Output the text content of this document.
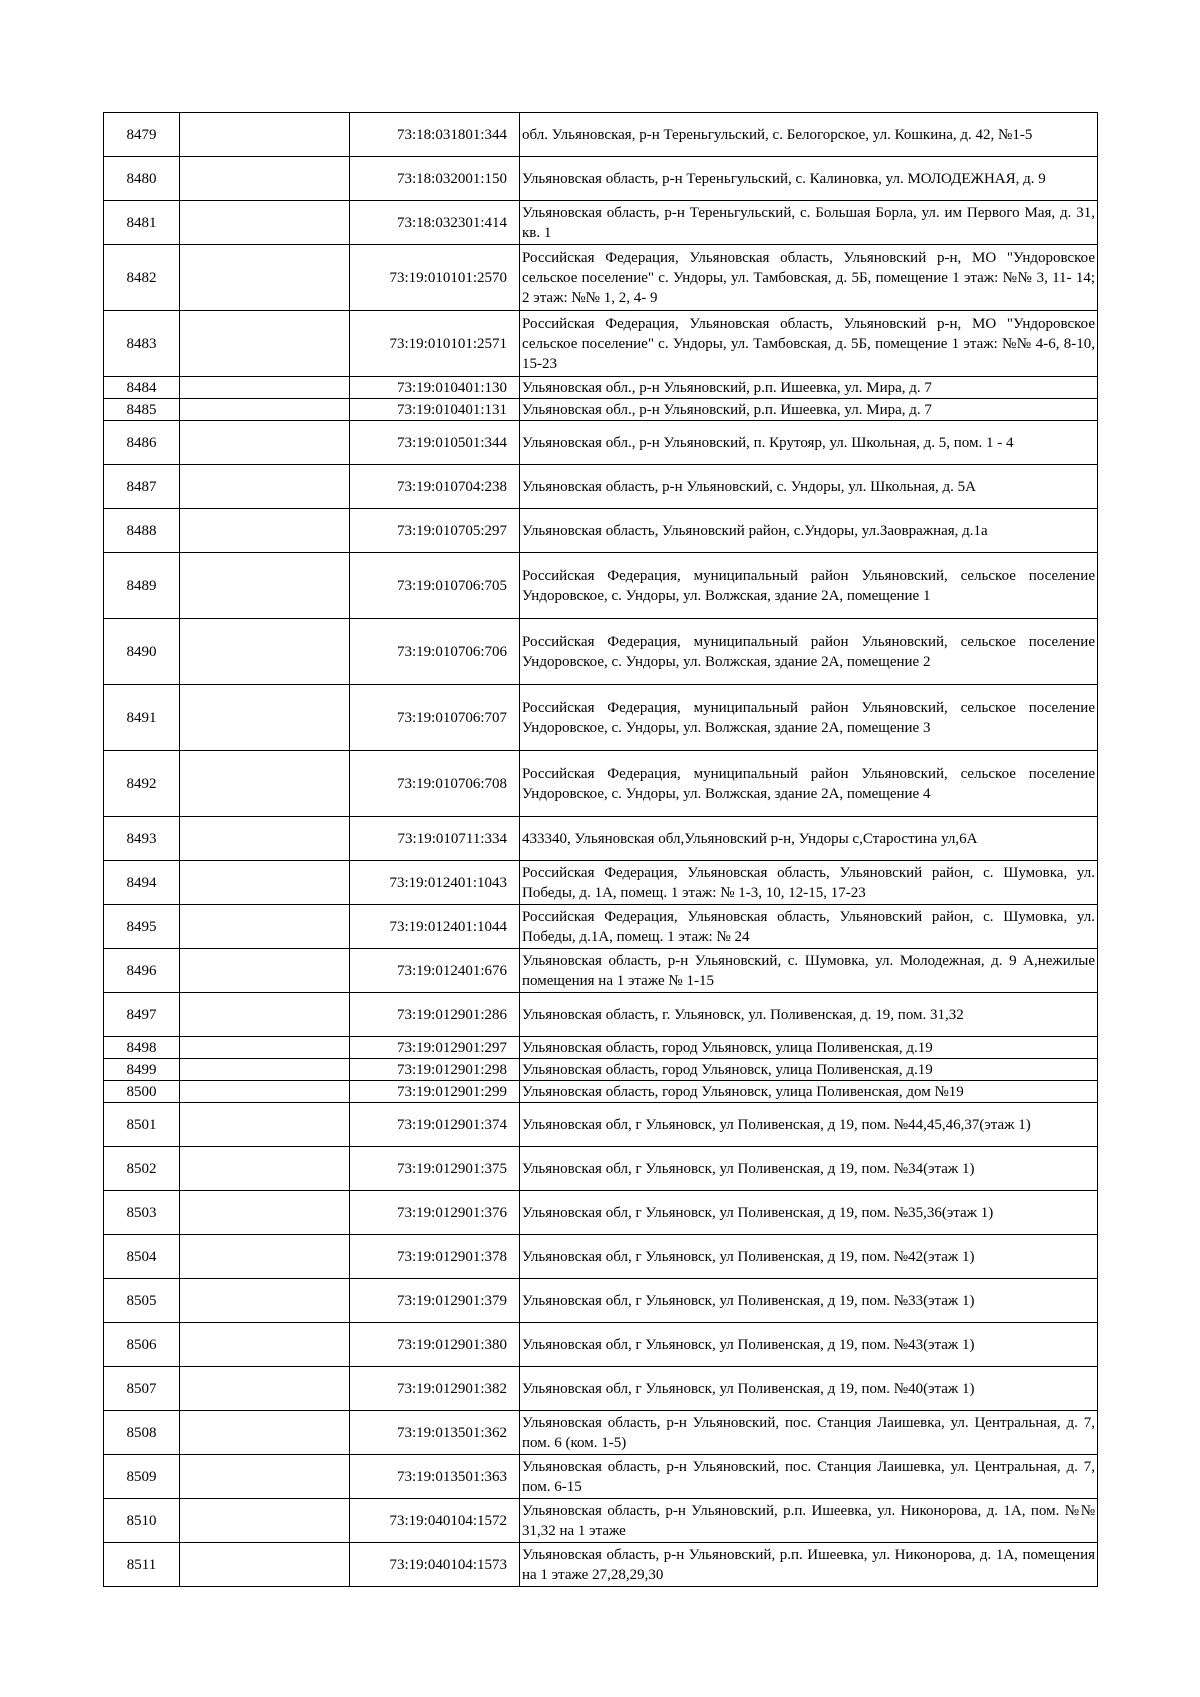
8479		73:18:031801:344	обл. Ульяновская, р-н Тереньгульский, с. Белогорское, ул. Кошкина, д. 42, №1-5
8480		73:18:032001:150	Ульяновская область, р-н Тереньгульский, с. Калиновка, ул. МОЛОДЕЖНАЯ, д. 9
8481		73:18:032301:414	Ульяновская область, р-н Тереньгульский, с. Большая Борла, ул. им Первого Мая, д. 31, кв. 1
8482		73:19:010101:2570	Российская Федерация, Ульяновская область, Ульяновский р-н, МО "Ундоровское сельское поселение" с. Ундоры, ул. Тамбовская, д. 5Б, помещение 1 этаж: №№ 3, 11- 14; 2 этаж: №№ 1, 2, 4- 9
8483		73:19:010101:2571	Российская Федерация, Ульяновская область, Ульяновский р-н, МО "Ундоровское сельское поселение" с. Ундоры, ул. Тамбовская, д. 5Б, помещение 1 этаж: №№ 4-6, 8-10, 15-23
8484		73:19:010401:130	Ульяновская обл., р-н Ульяновский, р.п. Ишеевка, ул. Мира, д. 7
8485		73:19:010401:131	Ульяновская обл., р-н Ульяновский, р.п. Ишеевка, ул. Мира, д. 7
8486		73:19:010501:344	Ульяновская обл., р-н Ульяновский, п. Крутояр, ул. Школьная, д. 5, пом. 1 - 4
8487		73:19:010704:238	Ульяновская область, р-н Ульяновский, с. Ундоры, ул. Школьная, д. 5А
8488		73:19:010705:297	Ульяновская область, Ульяновский район, с.Ундоры, ул.Заовражная, д.1а
8489		73:19:010706:705	Российская Федерация, муниципальный район Ульяновский, сельское поселение Ундоровское, с. Ундоры, ул. Волжская, здание 2А, помещение 1
8490		73:19:010706:706	Российская Федерация, муниципальный район Ульяновский, сельское поселение Ундоровское, с. Ундоры, ул. Волжская, здание 2А, помещение 2
8491		73:19:010706:707	Российская Федерация, муниципальный район Ульяновский, сельское поселение Ундоровское, с. Ундоры, ул. Волжская, здание 2А, помещение 3
8492		73:19:010706:708	Российская Федерация, муниципальный район Ульяновский, сельское поселение Ундоровское, с. Ундоры, ул. Волжская, здание 2А, помещение 4
8493		73:19:010711:334	433340, Ульяновская обл,Ульяновский р-н, Ундоры с,Старостина ул,6А
8494		73:19:012401:1043	Российская Федерация, Ульяновская область, Ульяновский район, с. Шумовка, ул. Победы, д. 1А, помещ. 1 этаж: № 1-3, 10, 12-15, 17-23
8495		73:19:012401:1044	Российская Федерация, Ульяновская область, Ульяновский район, с. Шумовка, ул. Победы, д.1А, помещ. 1 этаж: № 24
8496		73:19:012401:676	Ульяновская область, р-н Ульяновский, с. Шумовка, ул. Молодежная, д. 9 А,нежилые помещения на 1 этаже № 1-15
8497		73:19:012901:286	Ульяновская область, г. Ульяновск, ул. Поливенская, д. 19, пом. 31,32
8498		73:19:012901:297	Ульяновская область, город Ульяновск, улица Поливенская, д.19
8499		73:19:012901:298	Ульяновская область, город Ульяновск, улица Поливенская, д.19
8500		73:19:012901:299	Ульяновская область, город Ульяновск, улица Поливенская, дом №19
8501		73:19:012901:374	Ульяновская обл, г Ульяновск, ул Поливенская, д 19, пом. №44,45,46,37(этаж 1)
8502		73:19:012901:375	Ульяновская обл, г Ульяновск, ул Поливенская, д 19, пом. №34(этаж 1)
8503		73:19:012901:376	Ульяновская обл, г Ульяновск, ул Поливенская, д 19, пом. №35,36(этаж 1)
8504		73:19:012901:378	Ульяновская обл, г Ульяновск, ул Поливенская, д 19, пом. №42(этаж 1)
8505		73:19:012901:379	Ульяновская обл, г Ульяновск, ул Поливенская, д 19, пом. №33(этаж 1)
8506		73:19:012901:380	Ульяновская обл, г Ульяновск, ул Поливенская, д 19, пом. №43(этаж 1)
8507		73:19:012901:382	Ульяновская обл, г Ульяновск, ул Поливенская, д 19, пом. №40(этаж 1)
8508		73:19:013501:362	Ульяновская область, р-н Ульяновский, пос. Станция Лаишевка, ул. Центральная, д. 7, пом. 6 (ком. 1-5)
8509		73:19:013501:363	Ульяновская область, р-н Ульяновский, пос. Станция Лаишевка, ул. Центральная, д. 7, пом. 6-15
8510		73:19:040104:1572	Ульяновская область, р-н Ульяновский, р.п. Ишеевка, ул. Никонорова, д. 1А, пом. №№ 31,32 на 1 этаже
8511		73:19:040104:1573	Ульяновская область, р-н Ульяновский, р.п. Ишеевка, ул. Никонорова, д. 1А, помещения на 1 этаже 27,28,29,30
